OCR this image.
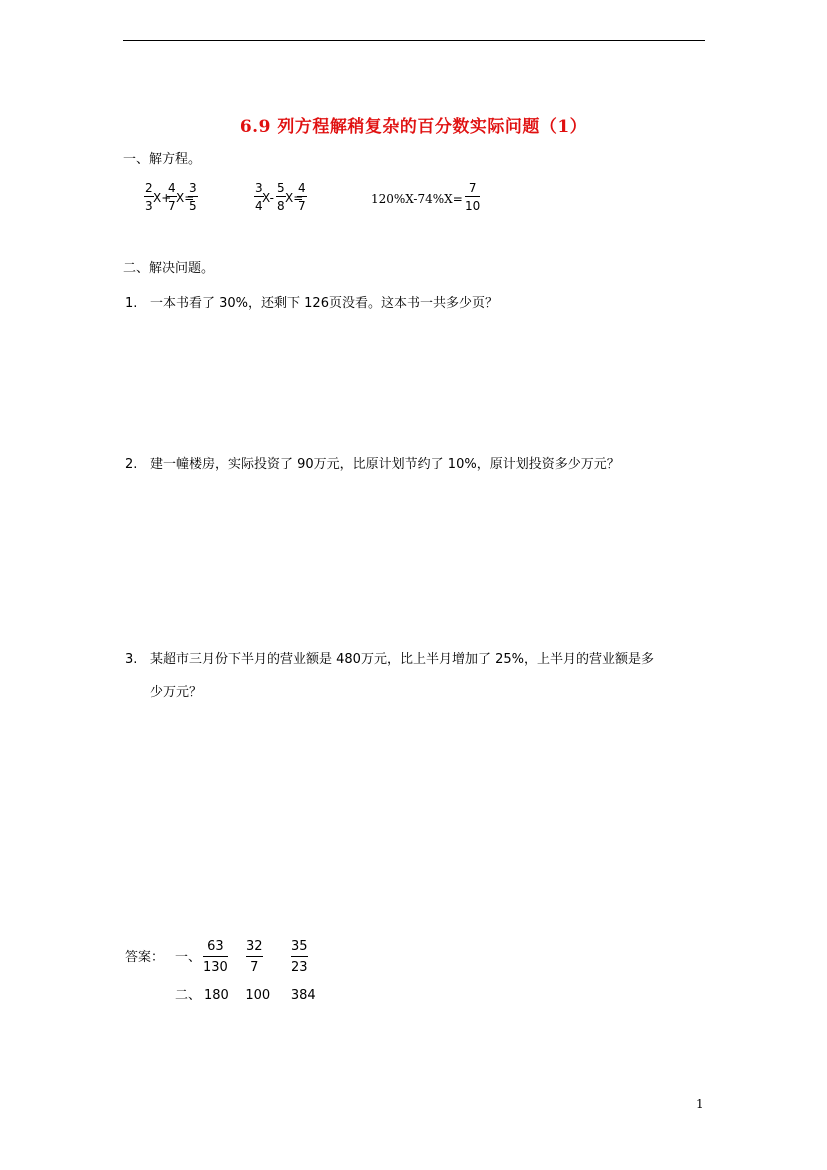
6.9 列方程解稍复杂的百分数实际问题（1）
一、解方程。
2
3
X+
4
7
X=
3
5
3
4
X-
5
8
X=
4
7	120%X-74%X=
7
10
二、解决问题。
1. 一本书看了 30%，还剩下 126页没看。这本书一共多少页？
2. 建一幢楼房，实际投资了 90万元，比原计划节约了 10%，原计划投资多少万元？
3. 某超市三月份下半月的营业额是 480万元，比上半月增加了 25%，上半月的营业额是多
少万元？
答案： 一、
63
130
32
7
35
23
二、 180    100     384
1
